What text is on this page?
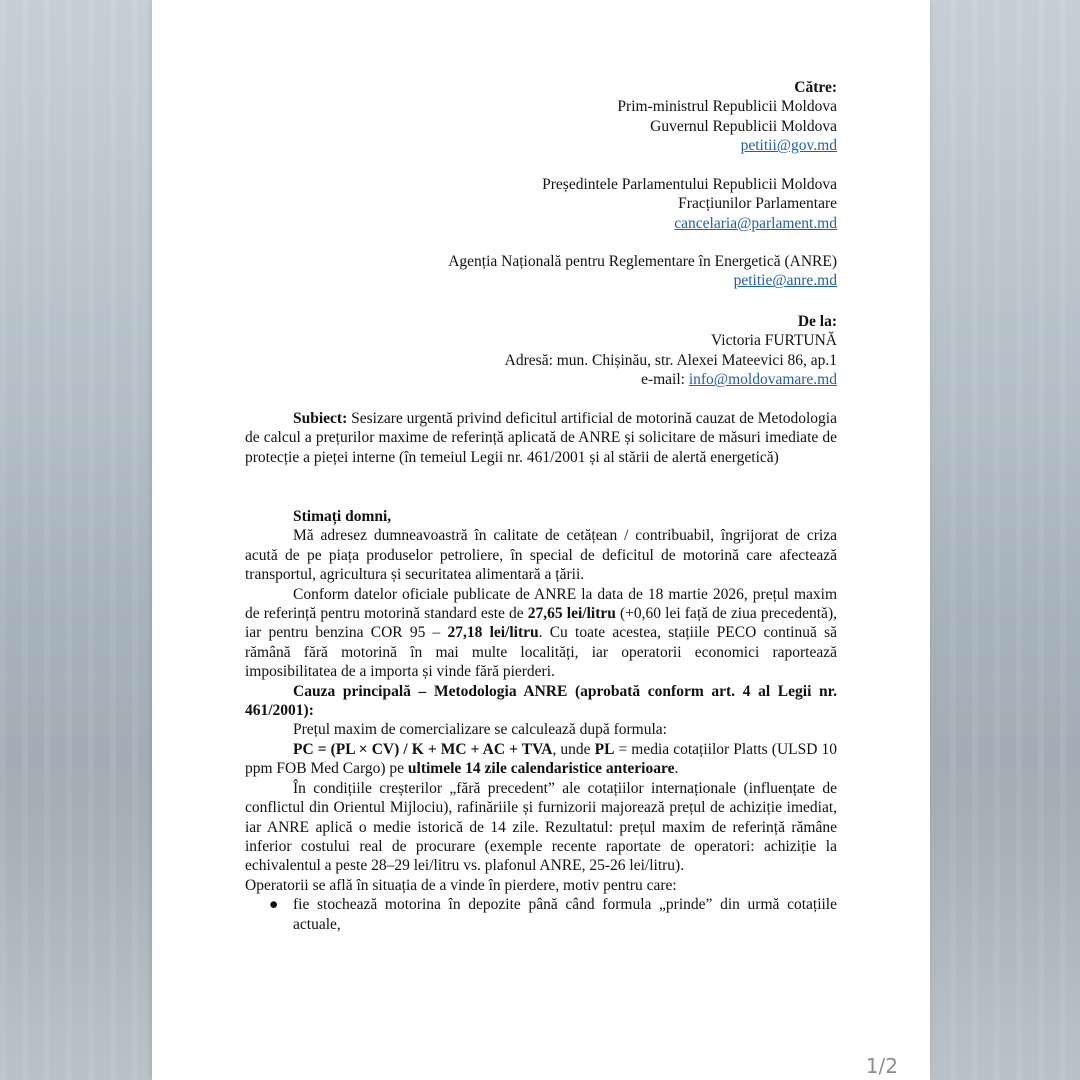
Către:
Prim-ministrul Republicii Moldova
Guvernul Republicii Moldova
petitii@gov.md
Președintele Parlamentului Republicii Moldova
Fracțiunilor Parlamentare
cancelaria@parlament.md
Agenția Națională pentru Reglementare în Energetică (ANRE)
petitie@anre.md
De la:
Victoria FURTUNĂ
Adresă: mun. Chișinău, str. Alexei Mateevici 86, ap.1
e-mail: info@moldovamare.md
Subiect: Sesizare urgentă privind deficitul artificial de motorină cauzat de Metodologia de calcul a prețurilor maxime de referință aplicată de ANRE și solicitare de măsuri imediate de protecție a pieței interne (în temeiul Legii nr. 461/2001 și al stării de alertă energetică)

Stimați domni,

Mă adresez dumneavoastră în calitate de cetățean / contribuabil, îngrijorat de criza acută de pe piața produselor petroliere, în special de deficitul de motorină care afectează transportul, agricultura și securitatea alimentară a țării.

Conform datelor oficiale publicate de ANRE la data de 18 martie 2026, prețul maxim de referință pentru motorină standard este de 27,65 lei/litru (+0,60 lei față de ziua precedentă), iar pentru benzina COR 95 – 27,18 lei/litru. Cu toate acestea, stațiile PECO continuă să rămână fără motorină în mai multe localități, iar operatorii economici raportează imposibilitatea de a importa și vinde fără pierderi.

Cauza principală – Metodologia ANRE (aprobată conform art. 4 al Legii nr. 461/2001):

Prețul maxim de comercializare se calculează după formula:

PC = (PL × CV) / K + MC + AC + TVA, unde PL = media cotațiilor Platts (ULSD 10 ppm FOB Med Cargo) pe ultimele 14 zile calendaristice anterioare.

În condițiile creșterilor „fără precedent” ale cotațiilor internaționale (influențate de conflictul din Orientul Mijlociu), rafinăriile și furnizorii majorează prețul de achiziție imediat, iar ANRE aplică o medie istorică de 14 zile. Rezultatul: prețul maxim de referință rămâne inferior costului real de procurare (exemple recente raportate de operatori: achiziție la echivalentul a peste 28–29 lei/litru vs. plafonul ANRE, 25-26 lei/litru).

Operatorii se află în situația de a vinde în pierdere, motiv pentru care:

● fie stochează motorina în depozite până când formula „prinde” din urmă cotațiile actuale,
1/2
